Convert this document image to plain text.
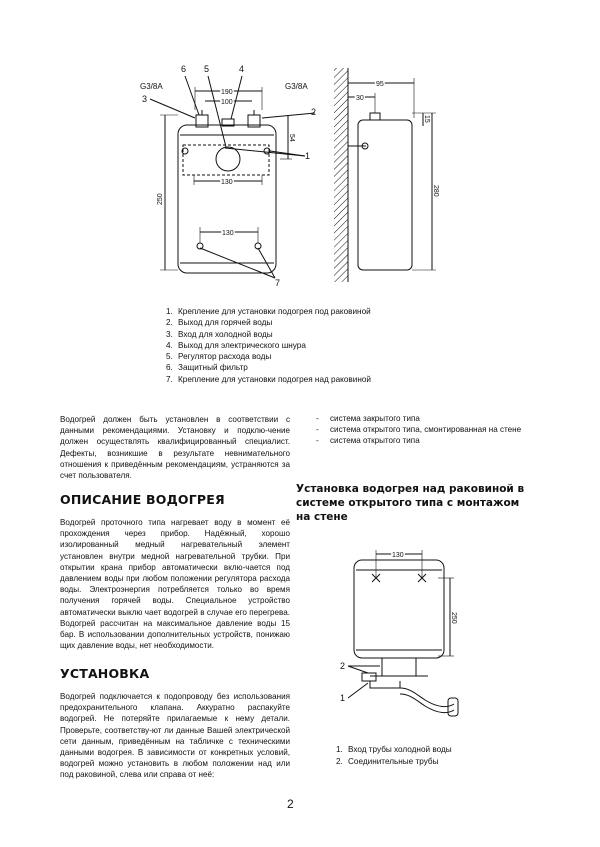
6 5	4
G3/8A	G3/8A
3
2
1
7
190
100
54
130
130
250
95
30
15
280
1. Крепление для установки подогрея под раковиной
2. Выход для горячей воды
3. Вход для холодной воды
4. Выход для электрического шнура
5. Регулятор расхода воды
6. Защитный фильтр
7. Крепление для установки подогрея над раковиной

Водогрей должен быть установлен в соответствии с данными рекомендациями. Установку и подклю-чение должен осуществлять квалифицированный специалист. Дефекты, возникшие в результате невнимательного отношения к приведённым рекомендациям, устраняются за счет пользователя.

-	система закрытого типа
-	система открытого типа, смонтированная на стене
-	система открытого типа
ОПИСАНИЕ ВОДОГРЕЯ

Водогрей проточного типа нагревает воду в момент её прохождения через прибор. Надёжный, хорошо изолированный медный нагревательный элемент установлен внутри медной нагревательной трубки. При открытии крана прибор автоматически вклю-чается под давлением воды при любом положении регулятора расхода воды. Электроэнергия потребляется только во время получения горячей воды. Специальное устройство автоматически выклю чает водогрей в случае его перегрева. Водогрей рассчитан на максимальное давление воды 15 бар. В использовании дополнительных устройств, понижаю щих давление воды, нет необходимости.

УСТАНОВКА

Водогрей подключается к подопроводу без использования предохранительного клапана. Аккуратно распакуйте водогрей. Не потеряйте прилагаемые к нему детали. Проверьте, соответству-ют ли данные Вашей электрической сети данным, приведённым на табличке с техническими данными водогрея. В зависимости от конкретных условий, водогрей можно установить в любом положении над или под раковиной, слева или справа от неё:

Установка водогрея над раковиной в системе открытого типа с монтажом на стене
130
250
2
1
1. Вход трубы холодной воды
2. Соединительные трубы
2
